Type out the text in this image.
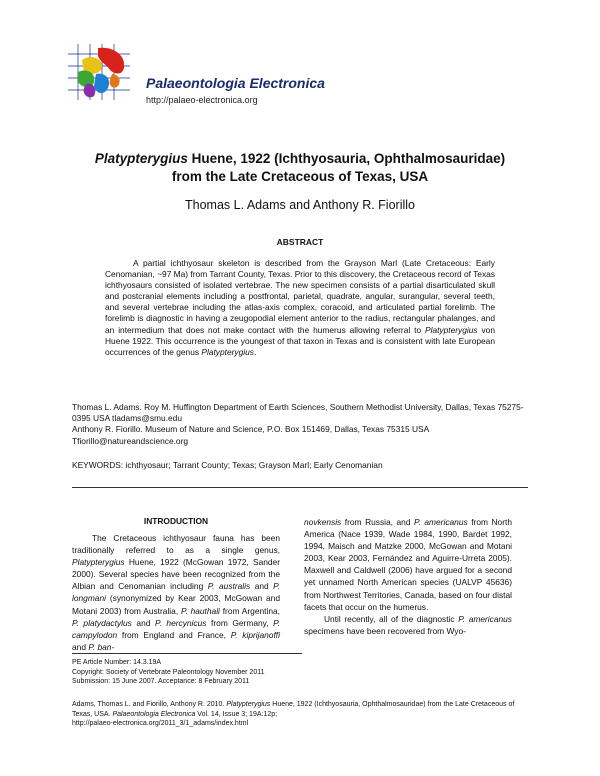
Palaeontologia Electronica
http://palaeo-electronica.org
Platypterygius Huene, 1922 (Ichthyosauria, Ophthalmosauridae)
from the Late Cretaceous of Texas, USA
Thomas L. Adams and Anthony R. Fiorillo
ABSTRACT

A partial ichthyosaur skeleton is described from the Grayson Marl (Late Cretaceous: Early Cenomanian, ~97 Ma) from Tarrant County, Texas. Prior to this discovery, the Cretaceous record of Texas ichthyosaurs consisted of isolated vertebrae. The new specimen consists of a partial disarticulated skull and postcranial elements including a postfrontal, parietal, quadrate, angular, surangular, several teeth, and several vertebrae including the atlas-axis complex, coracoid, and articulated partial forelimb. The forelimb is diagnostic in having a zeugopodial element anterior to the radius, rectangular phalanges, and an intermedium that does not make contact with the humerus allowing referral to Platypterygius von Huene 1922. This occurrence is the youngest of that taxon in Texas and is consistent with late European occurrences of the genus Platypterygius.

Thomas L. Adams. Roy M. Huffington Department of Earth Sciences, Southern Methodist University, Dallas, Texas 75275-0395 USA tladams@smu.edu

Anthony R. Fiorillo. Museum of Nature and Science, P.O. Box 151469, Dallas, Texas 75315 USA Tfiorillo@natureandscience.org

KEYWORDS: ichthyosaur; Tarrant County; Texas; Grayson Marl; Early Cenomanian
INTRODUCTION

The Cretaceous ichthyosaur fauna has been traditionally referred to as a single genus, Platypterygius Huene, 1922 (McGowan 1972, Sander 2000). Several species have been recognized from the Albian and Cenomanian including P. australis and P. longmani (synonymized by Kear 2003, McGowan and Motani 2003) from Australia, P. hauthali from Argentina, P. platydactylus and P. hercynicus from Germany, P. campylodon from England and France, P. kiprijanoffi and P. ban-

novkensis from Russia, and P. americanus from North America (Nace 1939, Wade 1984, 1990, Bardet 1992, 1994, Maisch and Matzke 2000, McGowan and Motani 2003, Kear 2003, Fernández and Aguirre-Urreta 2005). Maxwell and Caldwell (2006) have argued for a second yet unnamed North American species (UALVP 45636) from Northwest Territories, Canada, based on four distal facets that occur on the humerus.

Until recently, all of the diagnostic P. americanus specimens have been recovered from Wyo-

PE Article Number: 14.3.19A
Copyright: Society of Vertebrate Paleontology November 2011
Submission: 15 June 2007. Acceptance: 8 February 2011

Adams, Thomas L. and Fiorillo, Anthony R. 2010. Platypterygius Huene, 1922 (Ichthyosauria, Ophthalmosauridae) from the Late Cretaceous of Texas, USA. Palaeontologia Electronica Vol. 14, Issue 3; 19A:12p;
http://palaeo-electronica.org/2011_3/1_adams/index.html
